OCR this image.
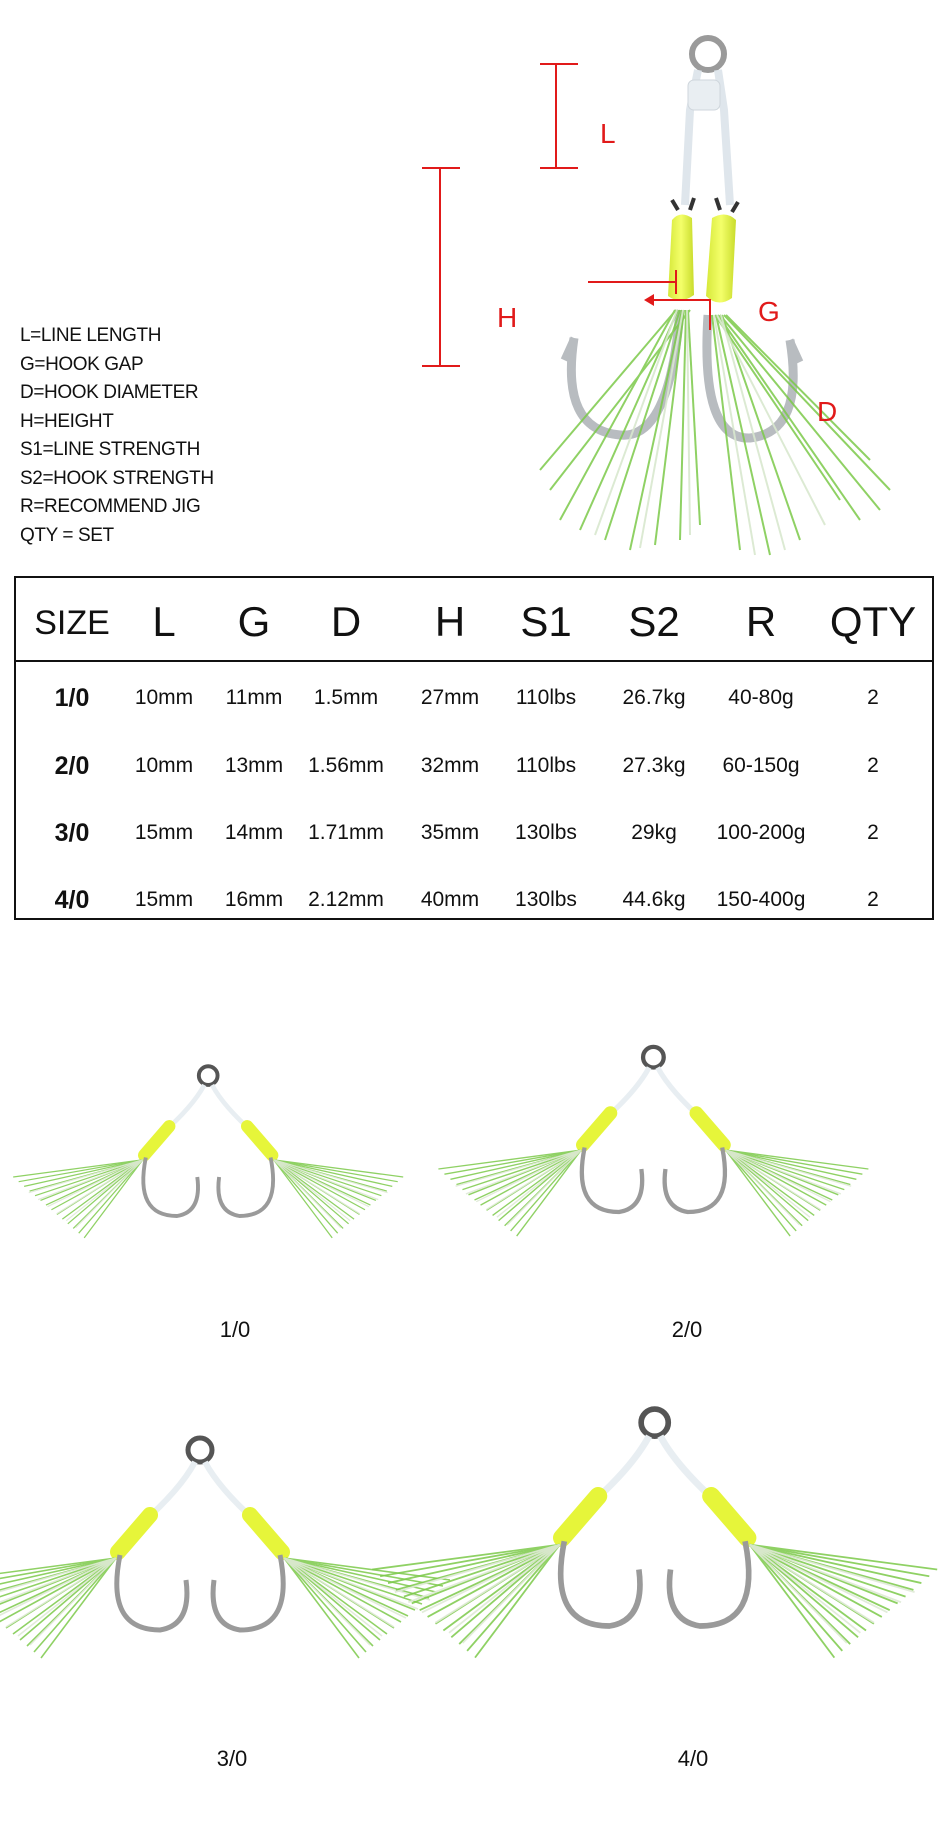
L
H	G
D
L=LINE LENGTH
G=HOOK GAP
D=HOOK DIAMETER
H=HEIGHT
S1=LINE STRENGTH
S2=HOOK STRENGTH
R=RECOMMEND JIG
QTY = SET
SIZE L G D H S1 S2 R QTY
1/0 10mm 11mm 1.5mm 27mm 110lbs 26.7kg 40-80g	2
2/0 10mm 13mm 1.56mm 32mm 110lbs 27.3kg 60-150g	2
3/0 15mm 14mm 1.71mm 35mm 130lbs	29kg 100-200g	2
4/0 15mm 16mm 2.12mm 40mm 130lbs 44.6kg 150-400g	2
1/0	2/0
3/0	4/0
